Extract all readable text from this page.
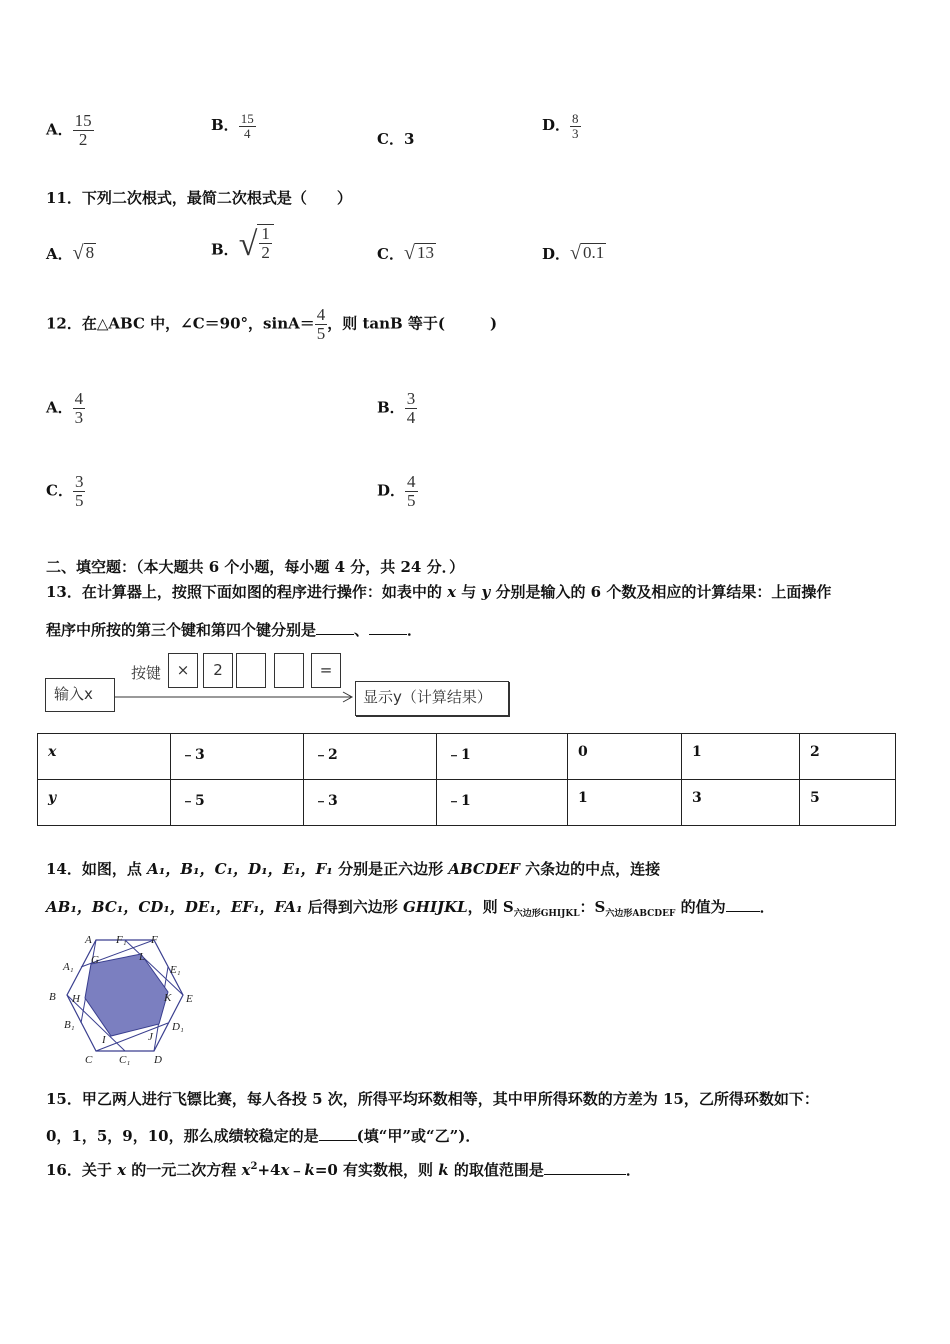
A． $\frac{15}{2}$	B． $\frac{15}{4}$	C．3
D． $\frac{8}{3}$
11．下列二次根式，最简二次根式是（　　）
A． √ 8	B． √ $\frac{1}{2}$	C． √ 13	D． √ 0.1
12．在△ABC 中，∠C＝90°，$\sin A= \frac{4}{5}$ ，则 tanB 等于(　　　)
A． $\frac{4}{3}$	B． $\frac{3}{4}$
C． $\frac{3}{5}$	D． $\frac{4}{5}$
二、填空题：（本大题共 6 个小题，每小题 4 分，共 24 分．）
13．在计算器上，按照下面如图的程序进行操作：如表中的 x 与 y 分别是输入的 6 个数及相应的计算结果：上面操作
程序中所按的第三个键和第四个键分别是	、	．
输入x
按键	×	2	=
显示y（计算结果）
x	﹣3	﹣2	﹣1	0	1	2
y	﹣5	﹣3	﹣1	1	3	5
14．如图，点 A₁，B₁，C₁，D₁，E₁，F₁ 分别是正六边形 ABCDEF 六条边的中点，连接
AB₁，BC₁，CD₁，DE₁，EF₁，FA₁ 后得到六边形 GHIJKL，则 $S_{六边形GHIJKL}$：$S_{六边形ABCDEF}$ 的值为 ．
A F₁ F
A₁
G	L
E₁
B H	K E
B₁	D₁
I	J
C C₁ D
15．甲乙两人进行飞镖比赛，每人各投 5 次，所得平均环数相等，其中甲所得环数的方差为 15，乙所得环数如下：
0，1，5，9，10，那么成绩较稳定的是	(填“甲”或“乙”)．
16．关于 x 的一元二次方程 $x^2+4x﹣k=0$ 有实数根，则 k 的取值范围是	．
